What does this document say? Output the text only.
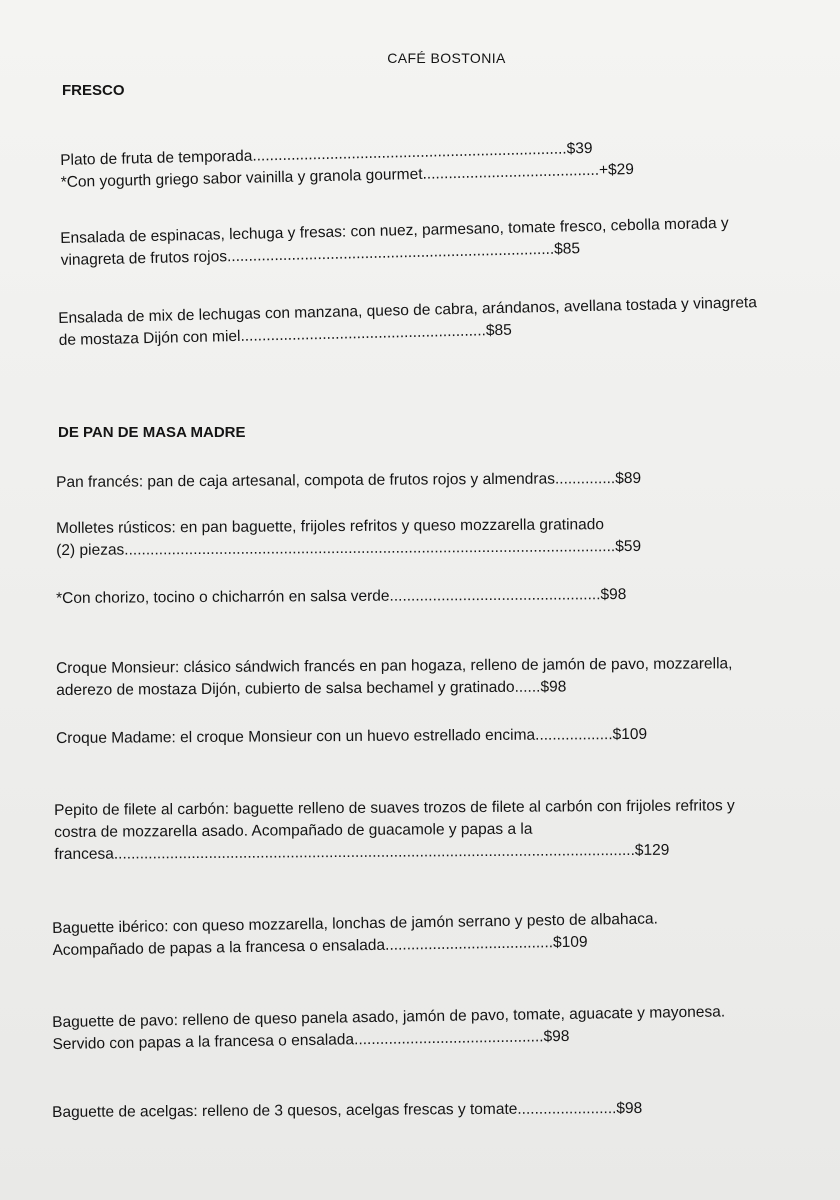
CAFÉ BOSTONIA
FRESCO
Plato de fruta de temporada.........................................................................$39
*Con yogurth griego sabor vainilla y granola gourmet.........................................+$29
Ensalada de espinacas, lechuga y fresas: con nuez, parmesano, tomate fresco, cebolla morada y
vinagreta de frutos rojos............................................................................$85
Ensalada de mix de lechugas con manzana, queso de cabra, arándanos, avellana tostada y vinagreta
de mostaza Dijón con miel.........................................................$85
DE PAN DE MASA MADRE
Pan francés: pan de caja artesanal, compota de frutos rojos y almendras..............$89
Molletes rústicos: en pan baguette, frijoles refritos y queso mozzarella gratinado
(2) piezas..................................................................................................................$59
*Con chorizo, tocino o chicharrón en salsa verde.................................................$98
Croque Monsieur: clásico sándwich francés en pan hogaza, relleno de jamón de pavo, mozzarella,
aderezo de mostaza Dijón, cubierto de salsa bechamel y gratinado......$98
Croque Madame: el croque Monsieur con un huevo estrellado encima..................$109
Pepito de filete al carbón: baguette relleno de suaves trozos de filete al carbón con frijoles refritos y
costra de mozzarella asado. Acompañado de guacamole y papas a la
francesa.........................................................................................................................$129
Baguette ibérico: con queso mozzarella, lonchas de jamón serrano y pesto de albahaca.
Acompañado de papas a la francesa o ensalada.......................................$109
Baguette de pavo: relleno de queso panela asado, jamón de pavo, tomate, aguacate y mayonesa.
Servido con papas a la francesa o ensalada............................................$98
Baguette de acelgas: relleno de 3 quesos, acelgas frescas y tomate.......................$98
